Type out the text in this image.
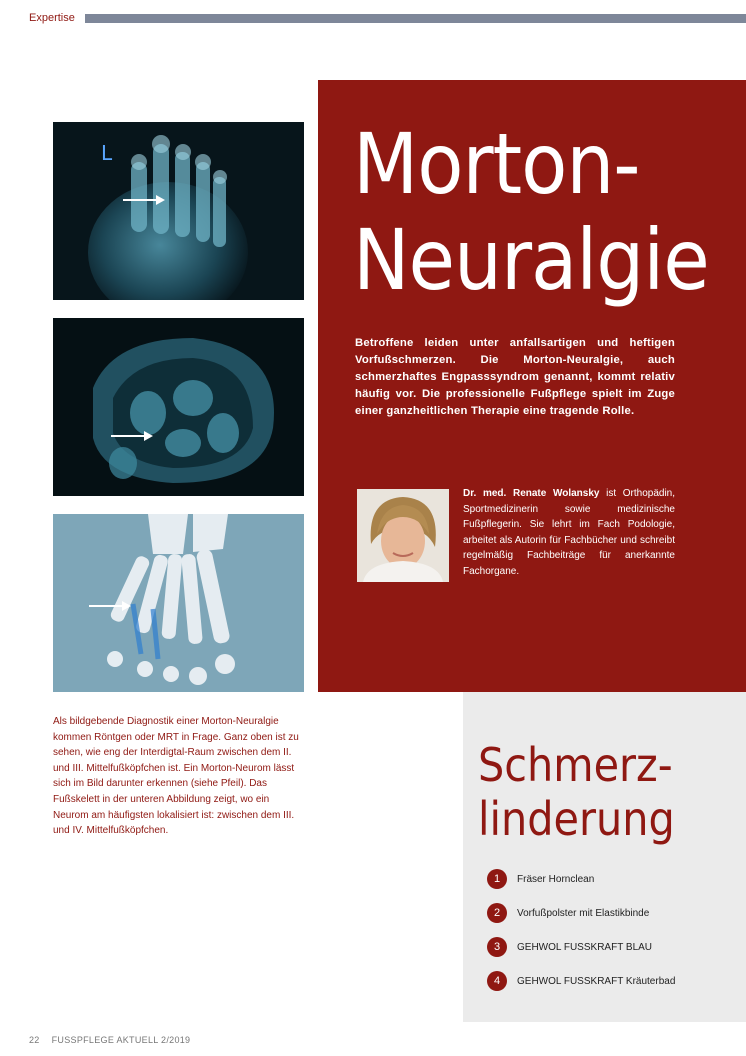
Expertise
L	Morton-
Neuralgie

Betroffene leiden unter anfallsartigen und heftigen Vorfußschmerzen. Die Morton-Neuralgie, auch schmerzhaftes Engpasssyndrom genannt, kommt relativ häufig vor. Die professionelle Fußpflege spielt im Zuge einer ganzheitlichen Therapie eine tragende Rolle.

Dr. med. Renate Wolansky ist Orthopädin, Sportmedizinerin sowie medizinische Fußpflegerin. Sie lehrt im Fach Podologie, arbeitet als Autorin für Fachbücher und schreibt regelmäßig Fachbeiträge für anerkannte Fachorgane.

Als bildgebende Diagnostik einer Morton-Neuralgie kommen Röntgen oder MRT in Frage. Ganz oben ist zu sehen, wie eng der Interdigtal-Raum zwischen dem II. und III. Mittelfußköpfchen ist. Ein Morton-Neurom lässt sich im Bild darunter erkennen (siehe Pfeil). Das Fußskelett in der unteren Abbildung zeigt, wo ein Neurom am häufigsten lokalisiert ist: zwischen dem III. und IV. Mittelfußköpfchen.

Schmerz-
linderung
1	Fräser Hornclean
2	Vorfußpolster mit Elastikbinde
3	GEHWOL FUSSKRAFT BLAU
4	GEHWOL FUSSKRAFT Kräuterbad
22 FUSSPFLEGE AKTUELL 2/2019
